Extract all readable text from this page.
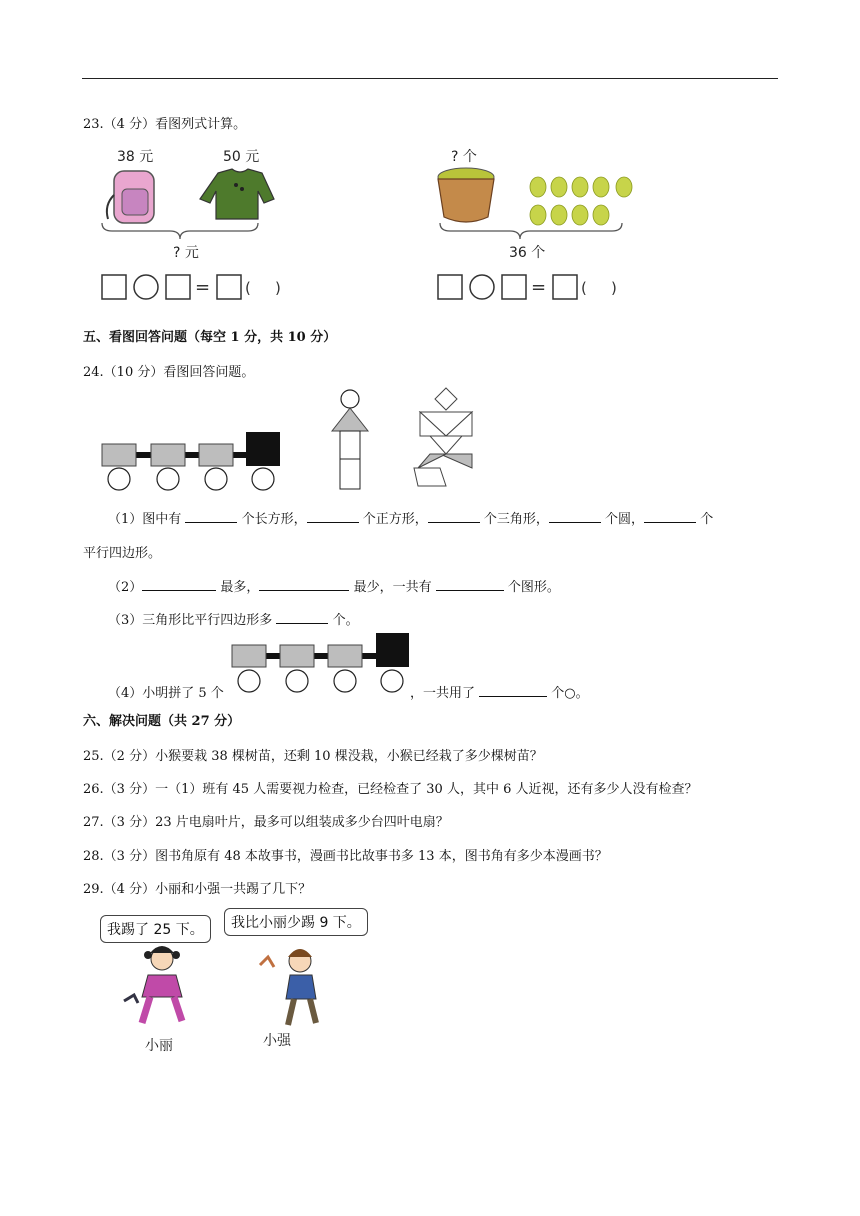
23.（4 分）看图列式计算。
38 元	50 元
= ( )
? 元
? 个
= ( )
36 个
五、看图回答问题（每空 1 分，共 10 分）
24.（10 分）看图回答问题。
（1）图中有	个长方形，	个正方形，	个三角形，	个圆，	个
平行四边形。
（2）	最多，	最少，一共有	个图形。
（3）三角形比平行四边形多	个。
（4）小明拼了 5 个	，一共用了	个○。
六、解决问题（共 27 分）
25.（2 分）小猴要栽 38 棵树苗，还剩 10 棵没栽，小猴已经栽了多少棵树苗？
26.（3 分）一（1）班有 45 人需要视力检查，已经检查了 30 人，其中 6 人近视，还有多少人没有检查？
27.（3 分）23 片电扇叶片，最多可以组装成多少台四叶电扇？
28.（3 分）图书角原有 48 本故事书，漫画书比故事书多 13 本，图书角有多少本漫画书？
29.（4 分）小丽和小强一共踢了几下？
我踢了 25 下。	我比小丽少踢 9 下。
小丽	小强
